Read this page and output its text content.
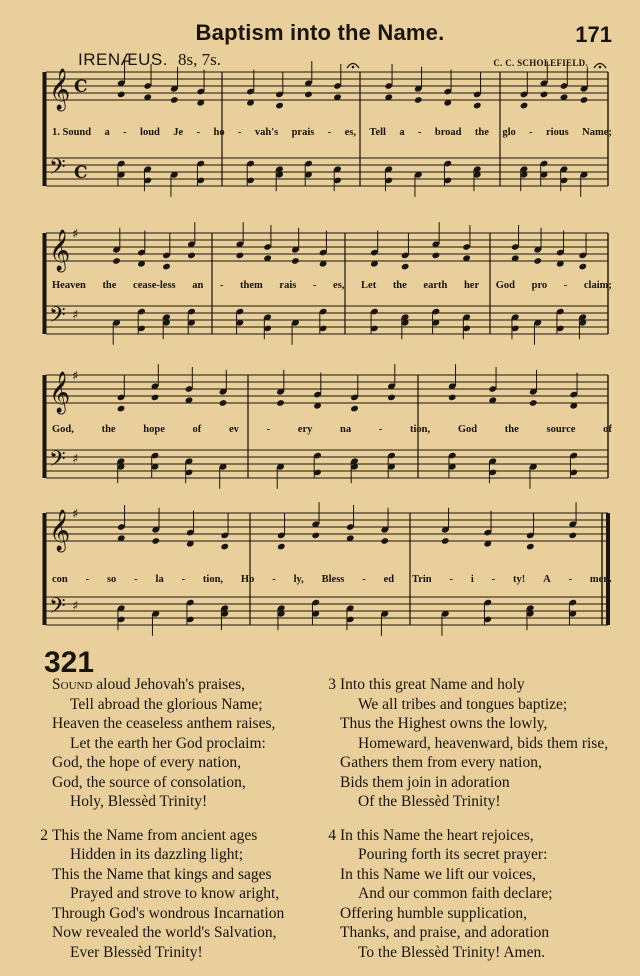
Baptism into the Name.	171
IRENÆUS. 8s, 7s.	C. C. SCHOLEFIELD.
𝄞 C
𝄢 C
𝄞 ♯
𝄢 ♯
𝄞 ♯
𝄢 ♯
𝄞 ♯
𝄢 ♯
1. Sound a - loud Je - ho - vah's prais - es, Tell a - broad the glo - rious Name;
Heaven the cease-less an - them rais - es, Let the earth her God pro - claim;
God,	the	hope	of	ev	-	ery	na	-	tion,	God	the	source	of
con - so - la - tion, Ho - ly, Bless - ed Trin - i - ty! A - men.
321
Sound aloud Jehovah's praises,
Tell abroad the glorious Name;
Heaven the ceaseless anthem raises,
Let the earth her God proclaim:
God, the hope of every nation,
God, the source of consolation,
Holy, Blessèd Trinity!
2 This the Name from ancient ages
Hidden in its dazzling light;
This the Name that kings and sages
Prayed and strove to know aright,
Through God's wondrous Incarnation
Now revealed the world's Salvation,
Ever Blessèd Trinity!
3 Into this great Name and holy
We all tribes and tongues baptize;
Thus the Highest owns the lowly,
Homeward, heavenward, bids them rise,
Gathers them from every nation,
Bids them join in adoration
Of the Blessèd Trinity!
4 In this Name the heart rejoices,
Pouring forth its secret prayer:
In this Name we lift our voices,
And our common faith declare;
Offering humble supplication,
Thanks, and praise, and adoration
To the Blessèd Trinity! Amen.
